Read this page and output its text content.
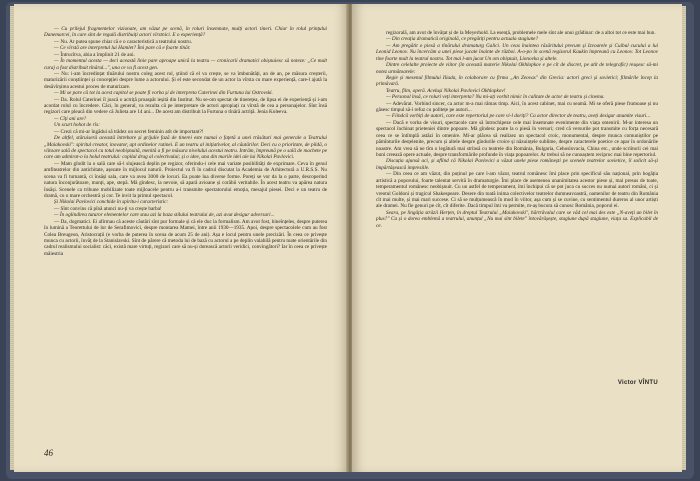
— Cu prilejul fragmentelor vizionate, am văzut pe scenă, în roluri însemnate, mulți actori tineri. Chiar în rolul prințului Danemarcei, în care sînt de regulă distribuiți actori vîrstnici. E o experiență?

— Nu. Ar putea spune chiar că e o caracteristică a teatrului nostru.

— Ce vîrstă are interpretul lui Hamlet? Îmi pare că e foarte tînăr.

— Întrucîtva, abia a împlinit 21 de ani.

— În momentul acesta — deci această linie pare aproape unică la teatru — cronicarii dramatici obișnuiesc să noteze: „Ce mult curaj a fost distribuit tînărul...", una ce va fi acest gen.

— Nu: i-am încredințat tînărului nostru coleg acest rol, știind că el va crește, se va îmbunătăți, an de an, pe măsura creșterii, maturizării conștiinței și concepției despre lume a actorului. Și el este secondat de un actor la vîrsta cu mare experiență, care-l ajută la desăvîrșirea acestui proces de maturizare.

— Mi se pare că tot la acest capitol se poate fi vorba și de interpreta Caterinei din Furtuna lui Ostrovski.

— Da. Rolul Caterinei îl joacă o actriță proaspăt ieșită din Institut. Nu se-om spectat de tinerețea, de lipsa ei de experiență și i-am acordat rolul cu încredere. Căci, în general, va rezulta că pe interpretare de actori apropiați ca vîrstă de cea a personajelor. Sînt însă regizori care pleacă din vedere că Julieta are 14 ani... De acest am distribuit la Furtuna o tînără actriță. Jenia Koleeva.

— Cîți ani are?

Un scurt hohot de rîs:

— Crezi că mi-ar îngădui să trădez un secret feminin atît de important?!

De altfel, stăruiseră această întrebare și grijulie fază de tinerei este numai o fațetă a unei trăsături mai generale a Teatrului „Maiakovski": spiritul creator, inovator, apt ordinelor rutinei. E un teatru al inițiativelor, al căutărilor. Deci cu o prioritate, de pildă, o viitoare sală de spectacol cu totul neobișnuită, menită a fi pe măsura nivelului acestui teatru. Intrăm, împreună pe o sală de machete pe care am admirat-o la holul teatrului: copilul drag al colectivului; și o idee, una din marile idei ale lui Nikolai Pavlovici.

— Mam gîndit la o sală care să-l slujească deplin pe regizor, oferindu-i cele mai variate posibilități de exprimare. Ceva în genul amfiteatrelor din antichitate, așezate în mijlocul naturii. Proiectul va fi în cadrul discutat la Academia de Arhitectură a U.R.S.S. Nu scena va fi turnantă, ci însăși sala, care va avea 3000 de locuri. Ea poate lua diverse forme. Poreți se vor da la o parte, descoperind natura înconjurătoare, munți, ape, stepă. Mă gîndesc, la nevoie, să apară avioane și corăbii veritabile. În acest teatru va apărea natura însăși. Scenele ca tribune mobilizate toate mijloacele pentru a-i transmite spectatorului emoția, mesajul piesei. Deci e un teatru de dramă, cu o mare orchestră și cor. Te invit la primul spectacol.

Și Nikolai Pavlovici conchide în spiritu-i caracteristic:

— Sînt convins că pînă atunci nu-ți va crește barba!

— În oglindirea tuturor elementelor care stau azi la baza stilului teatrului de, azi avut desigur adversari...

— Da, dogmatici. Ei afirmau că aceste căutări sînt pur formale și că ele duc la formalism. Am avut fost, bineînțeles, despre puterea în lumină a Teorettului de lor de Serafimovici, despre montarea Mamei, între anii 1930—1935. Apoi, despre spectacolele cum au fost Colea Breugeon, Aristocrații (e vorba de puterea în scena de acum 25 de ani). Așa e locul pentru unele precizări. În ceea ce privește munca cu actorii, învăț de la Stanislavski. Sînt de părere că metoda lui de bază cu actorul a pe deplin valabilă pentru toate orientările din cadrul realismului socialist: căci, există mare virtuți, regizori care să nu-și dorească actorii veridici, convingători? Iar în ceea ce privește măiestria

46

regizorală, am avut de învățat și de la Meyerhold. La esență, problemele mele sînt ale unui grădinar: de a altoi tot ce este mai bun.

— Din creația dramatică originală, ce pregătiți pentru actuala stagiune?

— Am pregătit o piesă a tînărului dramaturg Galici. Un ceas înaintea răsăritului precum și Izvoarele și Cuibul cucului a lui Leonid Leonov. Nu încercăm a unei piese jucate înainte de război. A-o-po în scenă regizorul Kaukin împreună cu Leonov. Tot Leonov tine foarte mult la teatrul nostru. Tot mai l-am jucat Un om obișnuit, Lionovka și altele.

Dintre celelalte proiecte de viitor (în această materie Nikolai Okhlopkov e pe cît de discret, pe atît de telegrafic) reușesc să-mi notez următoarele:

Regie și mesenul filmului Iliada, în colaborare cu firma „An Zeovas" din Grecia: actori greci și sovietici; filmările încep la primăvară.

Teatru, film, operă. Aceluși Nikolai Pavlovici Okhlopkov!

— Personal însă, ce roluri veți interpreta? Nu mi-ați vorbit nimic în calitate de actor de teatru și cinema.

— Adevărat. Vorbind sincer, ca actor m-a mai rămas timp. Aici, în acest cabinet, mai cu seamă. Mi se oferă piese frumoase și nu găsesc timpul să-i refuz cu politețe pe autori...

— Fiindcă vorbiți de autori, care este repertoriul pe care vi-l doriți? Ca actor director de teatru, aveți desigur anumite visuri...

— Dacă e vorba de visuri, spectacole care să întrochipeze cele mai însemnate evenimente din viața omenirii. M-ar interesa un spectacol închinat prieteniei dintre popoare. Mă gîndesc poate la o piesă în versuri; cred că versurile pot transmite cu forța necesară ceea ce se întîmplă astăzi în omenire. Mi-ar plăcea să realizez un spectacol croic, monumental, despre munca comuniștilor pe pămînturile desțelenite, precum și altele despre gîndurile croice și năzuințele sublime, despre caracterele poetice ce apar în ordonările noastre. Am vrea să ne tîm o legătură mai strînsă cu teatrele din România, Bulgaria, Cehoslovacia, China etc., unde scriitorii cei mai buni creează opere actuale, despre transformările profunde în viața popoarelor. Ar trebui să ne cunoaștem reciproc mai bine repertoriul.

Discuția ajunsă aci, și aflînd că Nikolai Pavlovici a văzut unele piese românești pe scenele teatrelor sovietice, îl solicit să-și împărtășească impresiile.

— Din ceea ce am văzut, din puținul pe care l-am văzut, teatrul românesc îmi place prin specificul său național, prin bogăția artistică a poporului, foarte talentat servită în dramaturgie. Îmi place de asemenea unanimitatea acestor piese și, mai presus de toate, temperamentul românesc neobișnuit. Cu un astfel de temperament, îmi închipui că se pot juca cu succes nu numai autori români, ci și vreotul Goldoni și tragicul Shakespeare. Desere din toată inima colectivelor teatrelor dumneavoastră, oamenilor de teatru din România cît mai multe, și mai mari succese. Ci să se mulțumească în mod în viitor, așa cum și se cuvine, cu sentimentul dureros al unor artiști ale dramei. Nu fie genuri pe cît, cît diferite. Dacă timpul îmi va permite, m-aș bucura să cunosc România, poporul ei.

Seara, pe lingăția străzii Herțen, în dreptul Teatrului „Maiakovski", hărtrăvalul care se văd cel mai des este „N-aveți un bilet în plus?" Ca și o dorea emblemă a teatrului, anunțul „Nu mai sînt bilete" întovărășește, stagiune după stagiune, viața sa. Explicabil de ce.

Victor VÎNTU
